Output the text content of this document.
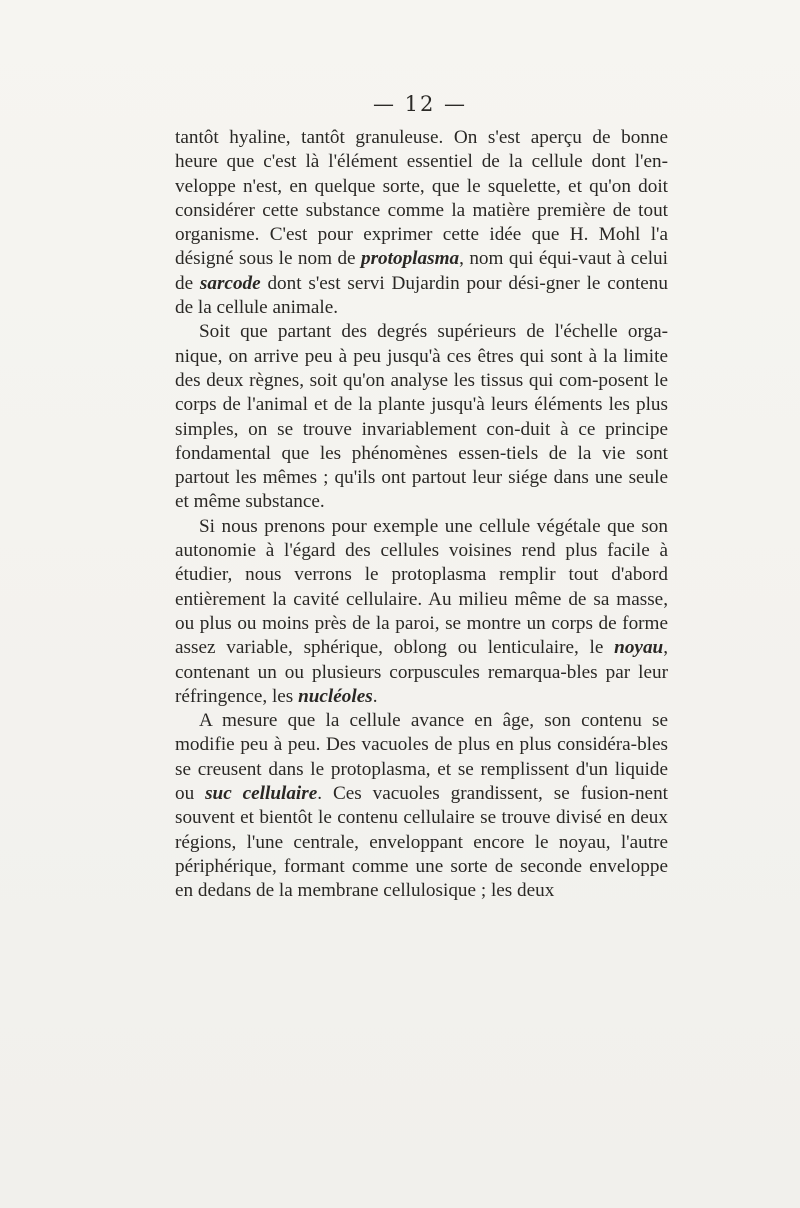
— 12 —

tantôt hyaline, tantôt granuleuse. On s'est aperçu de bonne heure que c'est là l'élément essentiel de la cellule dont l'en-veloppe n'est, en quelque sorte, que le squelette, et qu'on doit considérer cette substance comme la matière première de tout organisme. C'est pour exprimer cette idée que H. Mohl l'a désigné sous le nom de protoplasma, nom qui équi-vaut à celui de sarcode dont s'est servi Dujardin pour dési-gner le contenu de la cellule animale.

Soit que partant des degrés supérieurs de l'échelle orga-nique, on arrive peu à peu jusqu'à ces êtres qui sont à la limite des deux règnes, soit qu'on analyse les tissus qui com-posent le corps de l'animal et de la plante jusqu'à leurs éléments les plus simples, on se trouve invariablement con-duit à ce principe fondamental que les phénomènes essen-tiels de la vie sont partout les mêmes ; qu'ils ont partout leur siége dans une seule et même substance.

Si nous prenons pour exemple une cellule végétale que son autonomie à l'égard des cellules voisines rend plus facile à étudier, nous verrons le protoplasma remplir tout d'abord entièrement la cavité cellulaire. Au milieu même de sa masse, ou plus ou moins près de la paroi, se montre un corps de forme assez variable, sphérique, oblong ou lenticulaire, le noyau, contenant un ou plusieurs corpuscules remarqua-bles par leur réfringence, les nucléoles.

A mesure que la cellule avance en âge, son contenu se modifie peu à peu. Des vacuoles de plus en plus considéra-bles se creusent dans le protoplasma, et se remplissent d'un liquide ou suc cellulaire. Ces vacuoles grandissent, se fusion-nent souvent et bientôt le contenu cellulaire se trouve divisé en deux régions, l'une centrale, enveloppant encore le noyau, l'autre périphérique, formant comme une sorte de seconde enveloppe en dedans de la membrane cellulosique ; les deux
